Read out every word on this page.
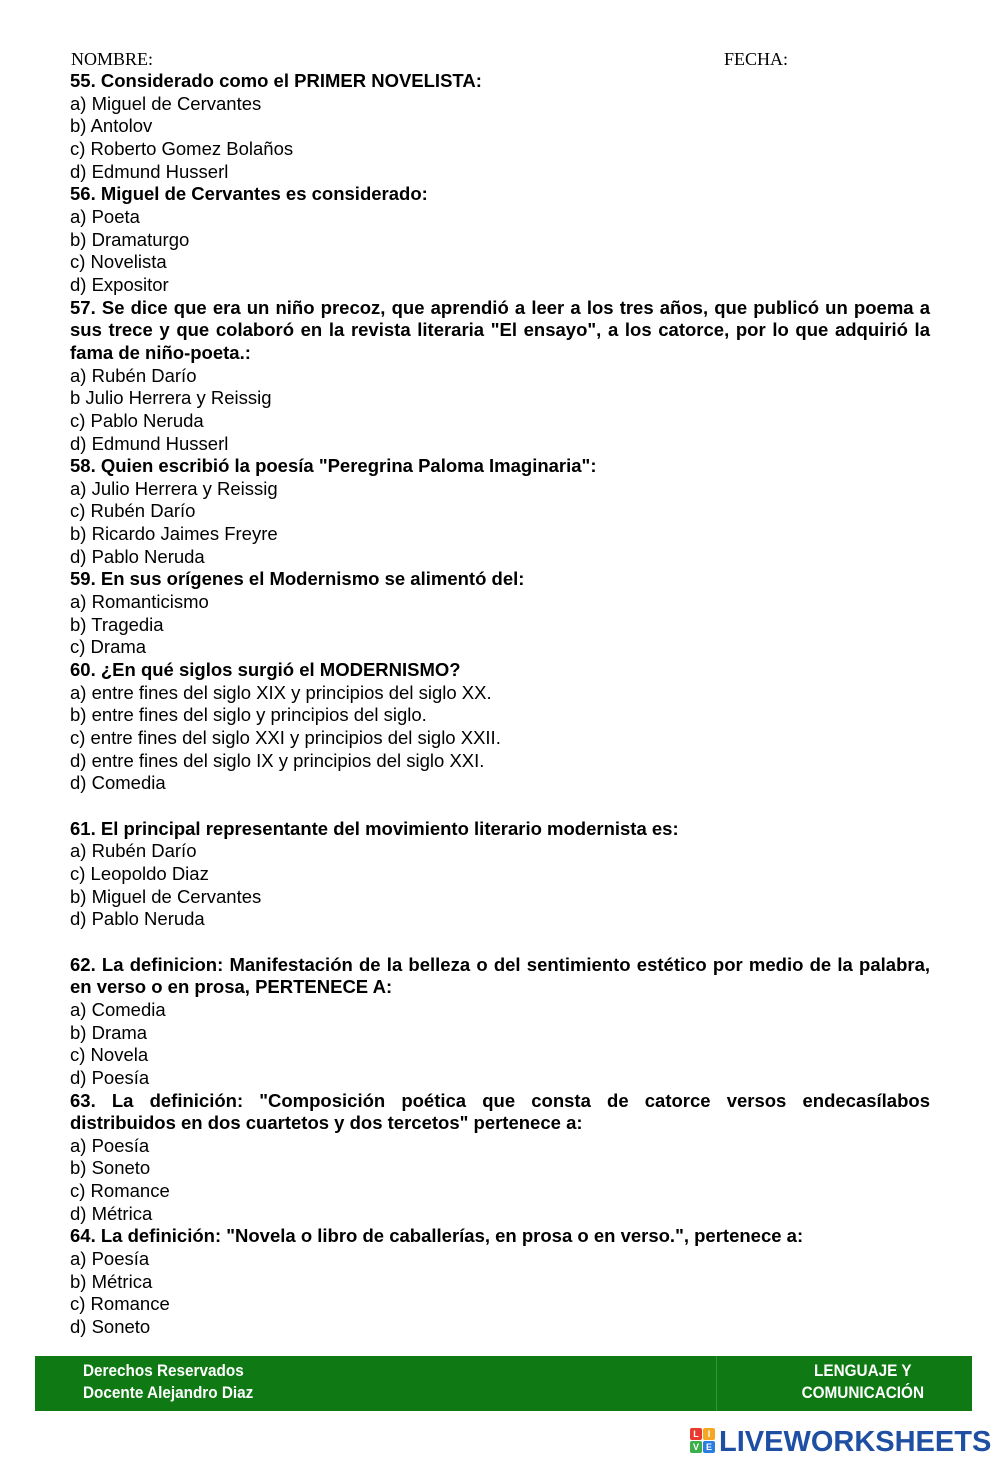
NOMBRE:	FECHA:
55. Considerado como el PRIMER NOVELISTA:
a) Miguel de Cervantes
b) Antolov
c) Roberto Gomez Bolaños
d) Edmund Husserl
56. Miguel de Cervantes es considerado:
a) Poeta
b) Dramaturgo
c) Novelista
d) Expositor
57. Se dice que era un niño precoz, que aprendió a leer a los tres años, que publicó un poema a sus trece y que colaboró en la revista literaria "El ensayo", a los catorce, por lo que adquirió la fama de niño-poeta.:
a) Rubén Darío
b Julio Herrera y Reissig
c) Pablo Neruda
d) Edmund Husserl
58. Quien escribió la poesía "Peregrina Paloma Imaginaria":
a) Julio Herrera y Reissig
c) Rubén Darío
b) Ricardo Jaimes Freyre
d) Pablo Neruda
59. En sus orígenes el Modernismo se alimentó del:
a) Romanticismo
b) Tragedia
c) Drama
60. ¿En qué siglos surgió el MODERNISMO?
a) entre fines del siglo XIX y principios del siglo XX.
b) entre fines del siglo y principios del siglo.
c) entre fines del siglo XXI y principios del siglo XXII.
d) entre fines del siglo IX y principios del siglo XXI.
d) Comedia
61. El principal representante del movimiento literario modernista es:
a) Rubén Darío
c) Leopoldo Diaz
b) Miguel de Cervantes
d) Pablo Neruda
62. La definicion: Manifestación de la belleza o del sentimiento estético por medio de la palabra, en verso o en prosa, PERTENECE A:
a) Comedia
b) Drama
c) Novela
d) Poesía
63. La definición: "Composición poética que consta de catorce versos endecasílabos distribuidos en dos cuartetos y dos tercetos" pertenece a:
a) Poesía
b) Soneto
c) Romance
d) Métrica
64. La definición: "Novela o libro de caballerías, en prosa o en verso.", pertenece a:
a) Poesía
b) Métrica
c) Romance
d) Soneto
Derechos Reservados
Docente Alejandro Diaz
LENGUAJE Y
COMUNICACIÓN
L I
V E LIVEWORKSHEETS
